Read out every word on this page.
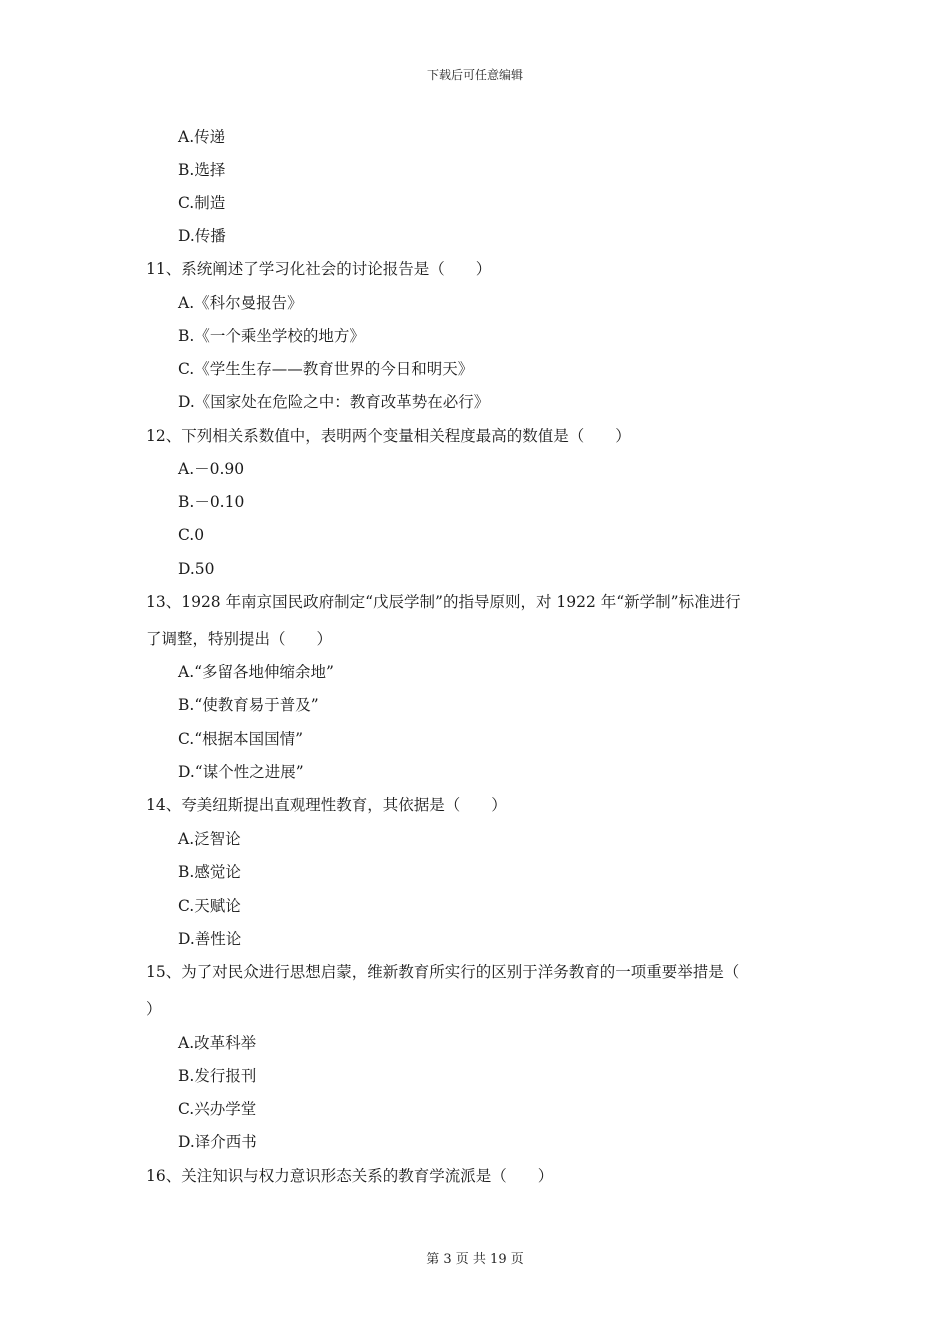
下载后可任意编辑
A.传递
B.选择
C.制造
D.传播
11、系统阐述了学习化社会的讨论报告是（　　）
A.《科尔曼报告》
B.《一个乘坐学校的地方》
C.《学生生存——教育世界的今日和明天》
D.《国家处在危险之中：教育改革势在必行》
12、下列相关系数值中，表明两个变量相关程度最高的数值是（　　）
A.－0.90
B.－0.10
C.0
D.50
13、1928 年南京国民政府制定“戊辰学制”的指导原则，对 1922 年“新学制”标准进行
了调整，特别提出（　　）
A.“多留各地伸缩余地”
B.“使教育易于普及”
C.“根据本国国情”
D.“谋个性之进展”
14、夸美纽斯提出直观理性教育，其依据是（　　）
A.泛智论
B.感觉论
C.天赋论
D.善性论
15、为了对民众进行思想启蒙，维新教育所实行的区别于洋务教育的一项重要举措是（
）
A.改革科举
B.发行报刊
C.兴办学堂
D.译介西书
16、关注知识与权力意识形态关系的教育学流派是（　　）
第 3 页 共 19 页
